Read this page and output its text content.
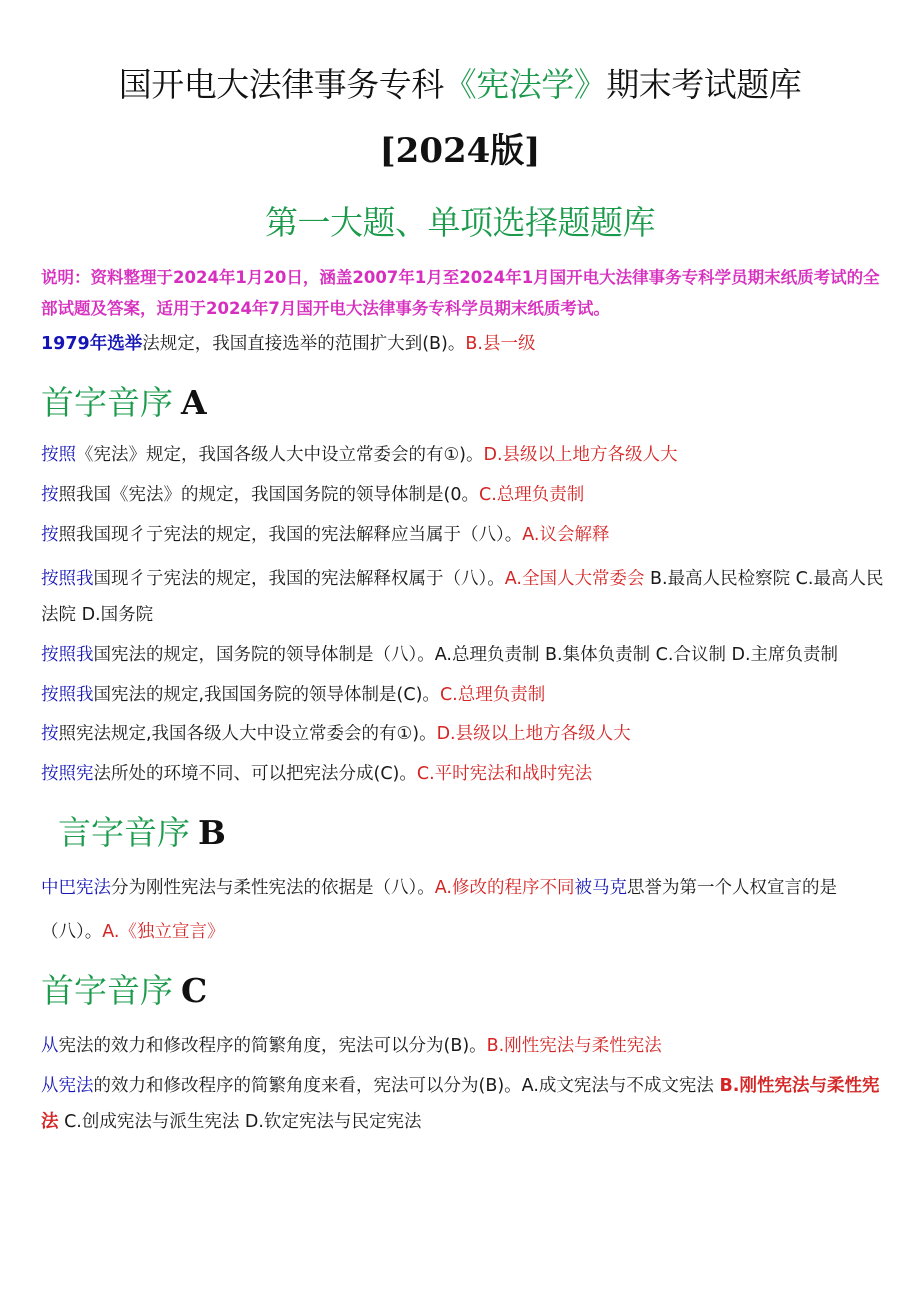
国开电大法律事务专科《宪法学》期末考试题库
[2024版]
第一大题、单项选择题题库
说明：资料整理于2024年1月20日，涵盖2007年1月至2024年1月国开电大法律事务专科学员期末纸质考试的全部试题及答案，适用于2024年7月国开电大法律事务专科学员期末纸质考试。
1979年选举法规定，我国直接选举的范围扩大到(B)。B.县一级
首字音序 A
按照《宪法》规定，我国各级人大中设立常委会的有①)。D.县级以上地方各级人大
按照我国《宪法》的规定，我国国务院的领导体制是(0。C.总理负责制
按照我国现彳亍宪法的规定，我国的宪法解释应当属于（八）。A.议会解释
按照我国现彳亍宪法的规定，我国的宪法解释权属于（八）。A.全国人大常委会 B.最高人民检察院 C.最高人民法院 D.国务院
按照我国宪法的规定，国务院的领导体制是（八）。A.总理负责制 B.集体负责制 C.合议制 D.主席负责制
按照我国宪法的规定,我国国务院的领导体制是(C)。C.总理负责制
按照宪法规定,我国各级人大中设立常委会的有①)。D.县级以上地方各级人大
按照宪法所处的环境不同、可以把宪法分成(C)。C.平时宪法和战时宪法
言字音序 B
中巴宪法分为刚性宪法与柔性宪法的依据是（八）。A.修改的程序不同被马克思誉为第一个人权宣言的是（八）。A.《独立宣言》
首字音序 C
从宪法的效力和修改程序的简繁角度，宪法可以分为(B)。B.刚性宪法与柔性宪法
从宪法的效力和修改程序的简繁角度来看，宪法可以分为(B)。A.成文宪法与不成文宪法 B.刚性宪法与柔性宪法 C.创成宪法与派生宪法 D.钦定宪法与民定宪法
